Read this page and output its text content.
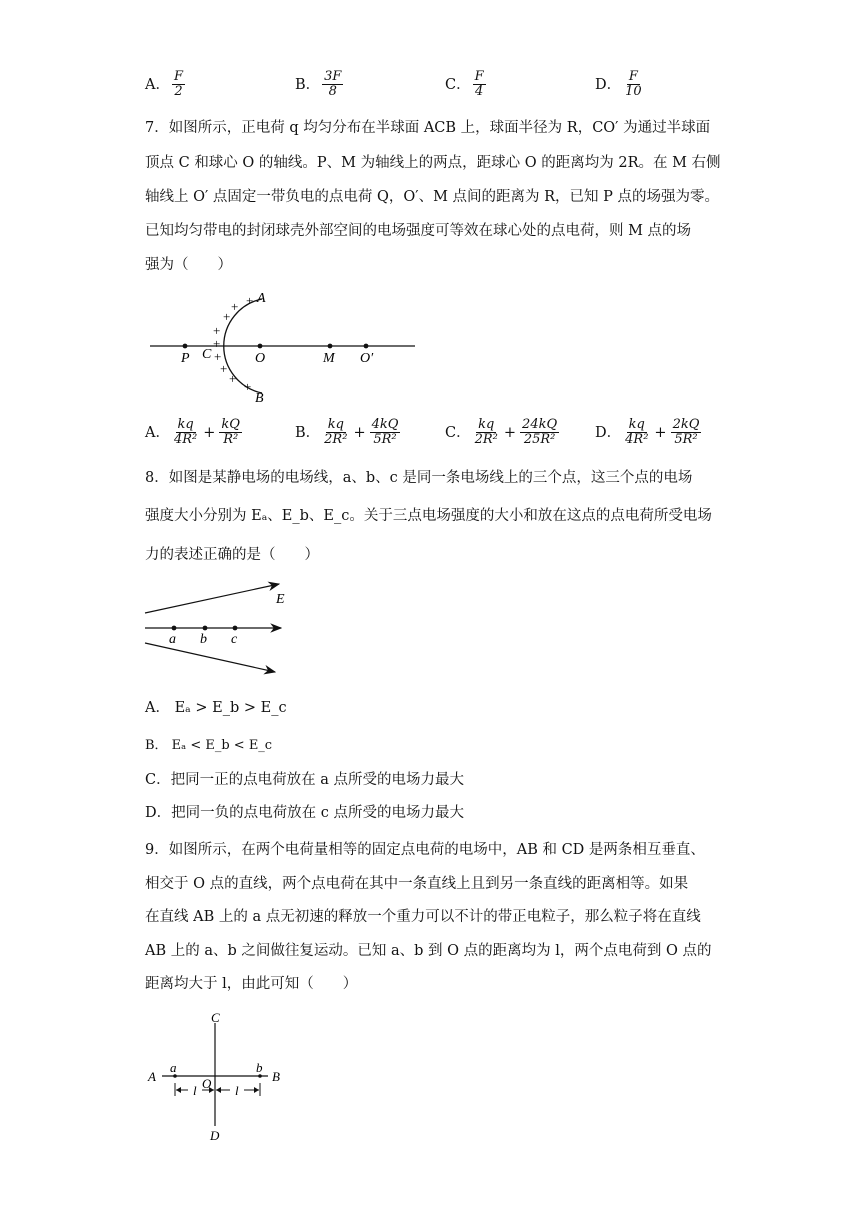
A． $\frac{F}{2}$	B． $\frac{3F}{8}$	C． $\frac{F}{4}$	D． $\frac{F}{10}$
7．如图所示，正电荷 q 均匀分布在半球面 ACB 上，球面半径为 R，CO′ 为通过半球面
顶点 C 和球心 O 的轴线。P、M 为轴线上的两点，距球心 O 的距离均为 2R。在 M 右侧
轴线上 O′ 点固定一带负电的点电荷 Q，O′、M 点间的距离为 R，已知 P 点的场强为零。
已知均匀带电的封闭球壳外部空间的电场强度可等效在球心处的点电荷，则 M 点的场
强为（　　）
+
+
+
+
+
+
+
+
+
A
B
C
P	O	M O′
A． $\frac{kq}{\text{4R²}} + \frac{kQ}{\text{R²}}$	B． $\frac{kq}{\text{2R²}} + \frac{4kQ}{\text{5R²}}$	C． $\frac{kq}{\text{2R²}} + \frac{24kQ}{\text{25R²}}$ D． $\frac{kq}{\text{4R²}} + \frac{2kQ}{\text{5R²}}$
8．如图是某静电场的电场线，a、b、c 是同一条电场线上的三个点，这三个点的电场
强度大小分别为 Eₐ、E_b、E_c。关于三点电场强度的大小和放在这点的点电荷所受电场
力的表述正确的是（　　）
E
a b c
A． Eₐ > E_b > E_c
B． Eₐ < E_b < E_c
C．把同一正的点电荷放在 a 点所受的电场力最大
D．把同一负的点电荷放在 c 点所受的电场力最大
9．如图所示，在两个电荷量相等的固定点电荷的电场中，AB 和 CD 是两条相互垂直、
相交于 O 点的直线，两个点电荷在其中一条直线上且到另一条直线的距离相等。如果
在直线 AB 上的 a 点无初速的释放一个重力可以不计的带正电粒子，那么粒子将在直线
AB 上的 a、b 之间做往复运动。已知 a、b 到 O 点的距离均为 l，两个点电荷到 O 点的
距离均大于 l，由此可知（　　）
C
D
A	B
a	b
O
l	l
